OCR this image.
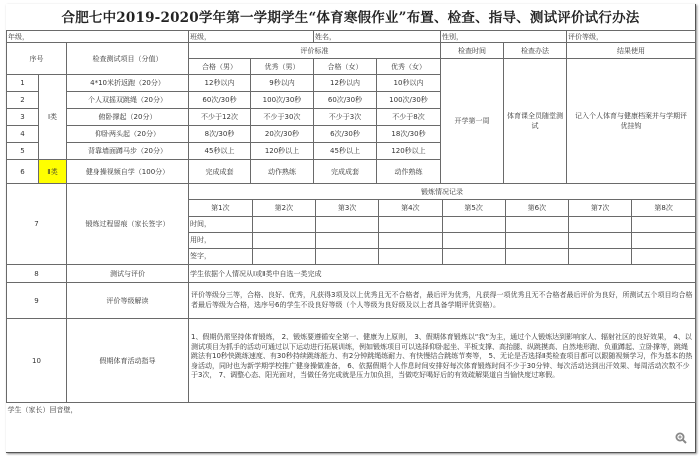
合肥七中2019-2020学年第一学期学生“体育寒假作业”布置、检查、指导、测试评价试行办法
年级，	班级，	姓名，	性别，	评价等级，
序号	检查测试项目（分值）	评价标准	检查时间	检查办法	结果使用
合格（男）	优秀（男）	合格（女）	优秀（女）	开学第一周	体育课全员随堂测试	记入个人体育与健康档案并与学期评优挂钩
1	Ⅰ类	4*10米折返跑（20分）	12秒以内	9秒以内	12秒以内	10秒以内
2	个人双摇双跳绳（20分）	60次/30秒	100次/30秒	60次/30秒	100次/30秒
3	俯卧撑起（20分）	不少于12次	不少于30次	不少于3次	不少于8次
4	仰卧两头起（20分）	8次/30秒	20次/30秒	6次/30秒	18次/30秒
5	背靠墙面蹲马步（20分）	45秒以上	120秒以上	45秒以上	120秒以上
6	Ⅱ类	健身操视频自学（100分）	完成成套	动作熟练	完成成套	动作熟练
7	锻炼过程留痕（家长签字）	锻炼情况记录

第1次	第2次	第3次	第4次	第5次	第6次	第7次	第8次
时间，							
用时，							
签字，							

8	测试与评价	学生依据个人情况从Ⅰ或Ⅱ类中自选一类完成
9	评价等级解读	评价等级分三等，合格、良好、优秀，凡获得3项及以上优秀且无不合格者，最后评为优秀，凡获得一项优秀且无不合格者最后评价为良好，所测试五个项目均合格者最后等级为合格，选序号6的学生不设良好等级（个人等级为良好级及以上者具备学期评优资格）。
10	假期体育活动指导	1、假期仍需坚持体育锻炼， 2、锻炼要遵循安全第一、健康为上原则， 3、假期体育锻炼以“我”为主，通过个人锻炼达到影响家人、辐射社区的良好效果， 4、以测试项目为抓手的活动可通过以下运动进行拓展训练，例如锻炼项目可以选择仰卧起坐、平板支撑、高抬腿、纵跳摸高、自然地形跑、负重蹲起、立卧撑等，跳绳跳法有10秒快跳练速度、有30秒持续跳练能力、有2分钟跳绳练耐力、有快慢结合跳练节奏等， 5、无论是否选择Ⅱ类检查项目都可以跟随视频学习，作为基本的热身活动，同时也为新学期学校推广健身操做准备， 6、依据假期个人作息时间安排好每次体育锻炼时间不少于30分钟、每次活动达到出汗效果、每周活动次数不少于3次， 7、调整心态、阳光面对，当做任务完成就是压力加负担，当做吃好喝好后的有效疏解渠道自当愉快度过寒假。
学生（家长）回音壁，
